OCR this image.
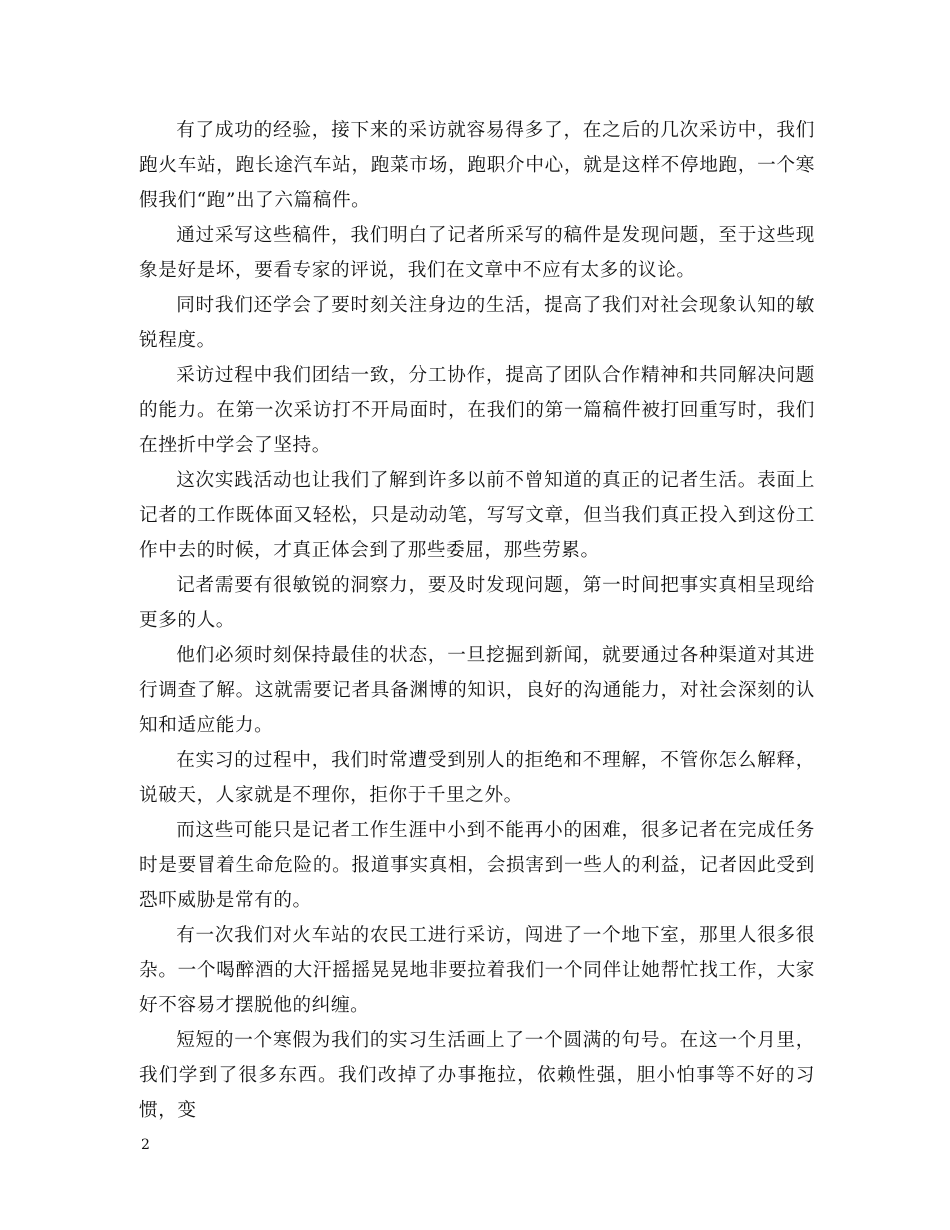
有了成功的经验，接下来的采访就容易得多了，在之后的几次采访中，我们跑火车站，跑长途汽车站，跑菜市场，跑职介中心，就是这样不停地跑，一个寒假我们“跑”出了六篇稿件。

通过采写这些稿件，我们明白了记者所采写的稿件是发现问题，至于这些现象是好是坏，要看专家的评说，我们在文章中不应有太多的议论。

同时我们还学会了要时刻关注身边的生活，提高了我们对社会现象认知的敏锐程度。

采访过程中我们团结一致，分工协作，提高了团队合作精神和共同解决问题的能力。在第一次采访打不开局面时，在我们的第一篇稿件被打回重写时，我们在挫折中学会了坚持。

这次实践活动也让我们了解到许多以前不曾知道的真正的记者生活。表面上记者的工作既体面又轻松，只是动动笔，写写文章，但当我们真正投入到这份工作中去的时候，才真正体会到了那些委屈，那些劳累。

记者需要有很敏锐的洞察力，要及时发现问题，第一时间把事实真相呈现给更多的人。

他们必须时刻保持最佳的状态，一旦挖掘到新闻，就要通过各种渠道对其进行调查了解。这就需要记者具备渊博的知识，良好的沟通能力，对社会深刻的认知和适应能力。

在实习的过程中，我们时常遭受到别人的拒绝和不理解，不管你怎么解释，说破天，人家就是不理你，拒你于千里之外。

而这些可能只是记者工作生涯中小到不能再小的困难，很多记者在完成任务时是要冒着生命危险的。报道事实真相，会损害到一些人的利益，记者因此受到恐吓威胁是常有的。

有一次我们对火车站的农民工进行采访，闯进了一个地下室，那里人很多很杂。一个喝醉酒的大汗摇摇晃晃地非要拉着我们一个同伴让她帮忙找工作，大家好不容易才摆脱他的纠缠。

短短的一个寒假为我们的实习生活画上了一个圆满的句号。在这一个月里，我们学到了很多东西。我们改掉了办事拖拉，依赖性强，胆小怕事等不好的习惯，变

2
